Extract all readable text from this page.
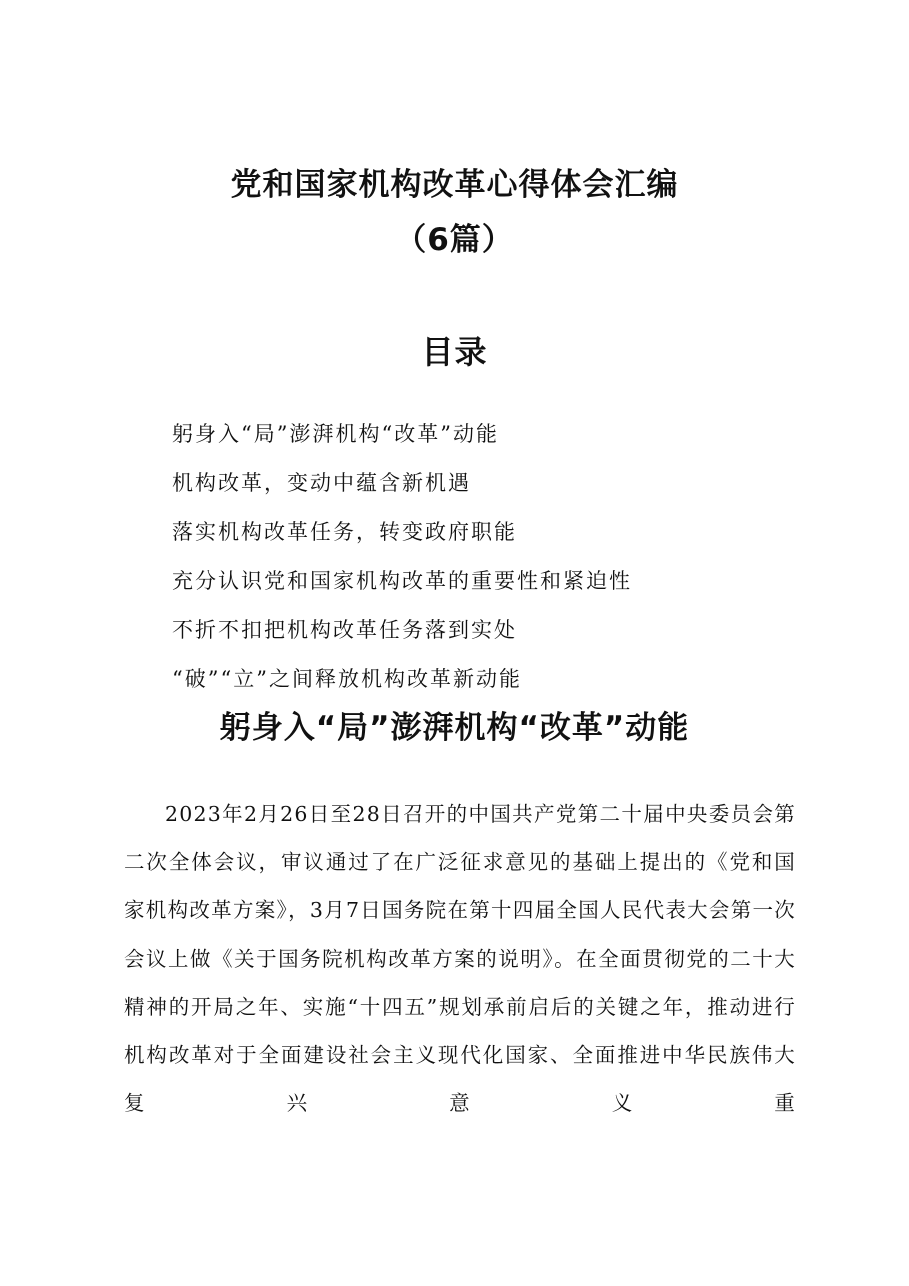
党和国家机构改革心得体会汇编
（6篇）
目录
躬身入“局”澎湃机构“改革”动能
机构改革，变动中蕴含新机遇
落实机构改革任务，转变政府职能
充分认识党和国家机构改革的重要性和紧迫性
不折不扣把机构改革任务落到实处
“破”“立”之间释放机构改革新动能
躬身入“局”澎湃机构“改革”动能

2023年2月26日至28日召开的中国共产党第二十届中央委员会第二次全体会议，审议通过了在广泛征求意见的基础上提出的《党和国家机构改革方案》，3月7日国务院在第十四届全国人民代表大会第一次会议上做《关于国务院机构改革方案的说明》。在全面贯彻党的二十大精神的开局之年、实施“十四五”规划承前启后的关键之年，推动进行机构改革对于全面建设社会主义现代化国家、全面推进中华民族伟大复兴意义重
